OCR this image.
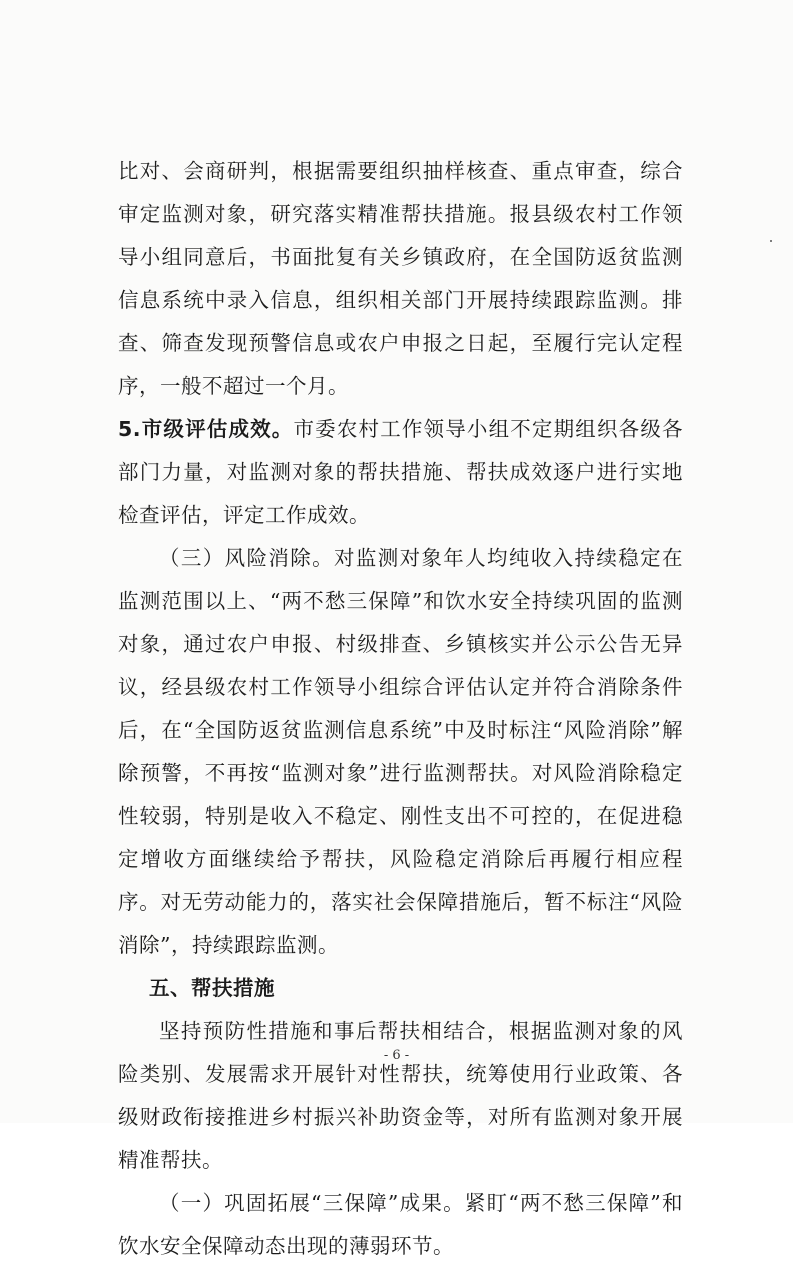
比对、会商研判，根据需要组织抽样核查、重点审查，综合审定监测对象，研究落实精准帮扶措施。报县级农村工作领导小组同意后，书面批复有关乡镇政府，在全国防返贫监测信息系统中录入信息，组织相关部门开展持续跟踪监测。排查、筛查发现预警信息或农户申报之日起，至履行完认定程序，一般不超过一个月。

5.市级评估成效。市委农村工作领导小组不定期组织各级各部门力量，对监测对象的帮扶措施、帮扶成效逐户进行实地检查评估，评定工作成效。

（三）风险消除。对监测对象年人均纯收入持续稳定在监测范围以上、“两不愁三保障”和饮水安全持续巩固的监测对象，通过农户申报、村级排查、乡镇核实并公示公告无异议，经县级农村工作领导小组综合评估认定并符合消除条件后，在“全国防返贫监测信息系统”中及时标注“风险消除”解除预警，不再按“监测对象”进行监测帮扶。对风险消除稳定性较弱，特别是收入不稳定、刚性支出不可控的，在促进稳定增收方面继续给予帮扶，风险稳定消除后再履行相应程序。对无劳动能力的，落实社会保障措施后，暂不标注“风险消除”，持续跟踪监测。

五、帮扶措施

坚持预防性措施和事后帮扶相结合，根据监测对象的风险类别、发展需求开展针对性帮扶，统筹使用行业政策、各级财政衔接推进乡村振兴补助资金等，对所有监测对象开展精准帮扶。

（一）巩固拓展“三保障”成果。紧盯“两不愁三保障”和饮水安全保障动态出现的薄弱环节。

- 6 -
